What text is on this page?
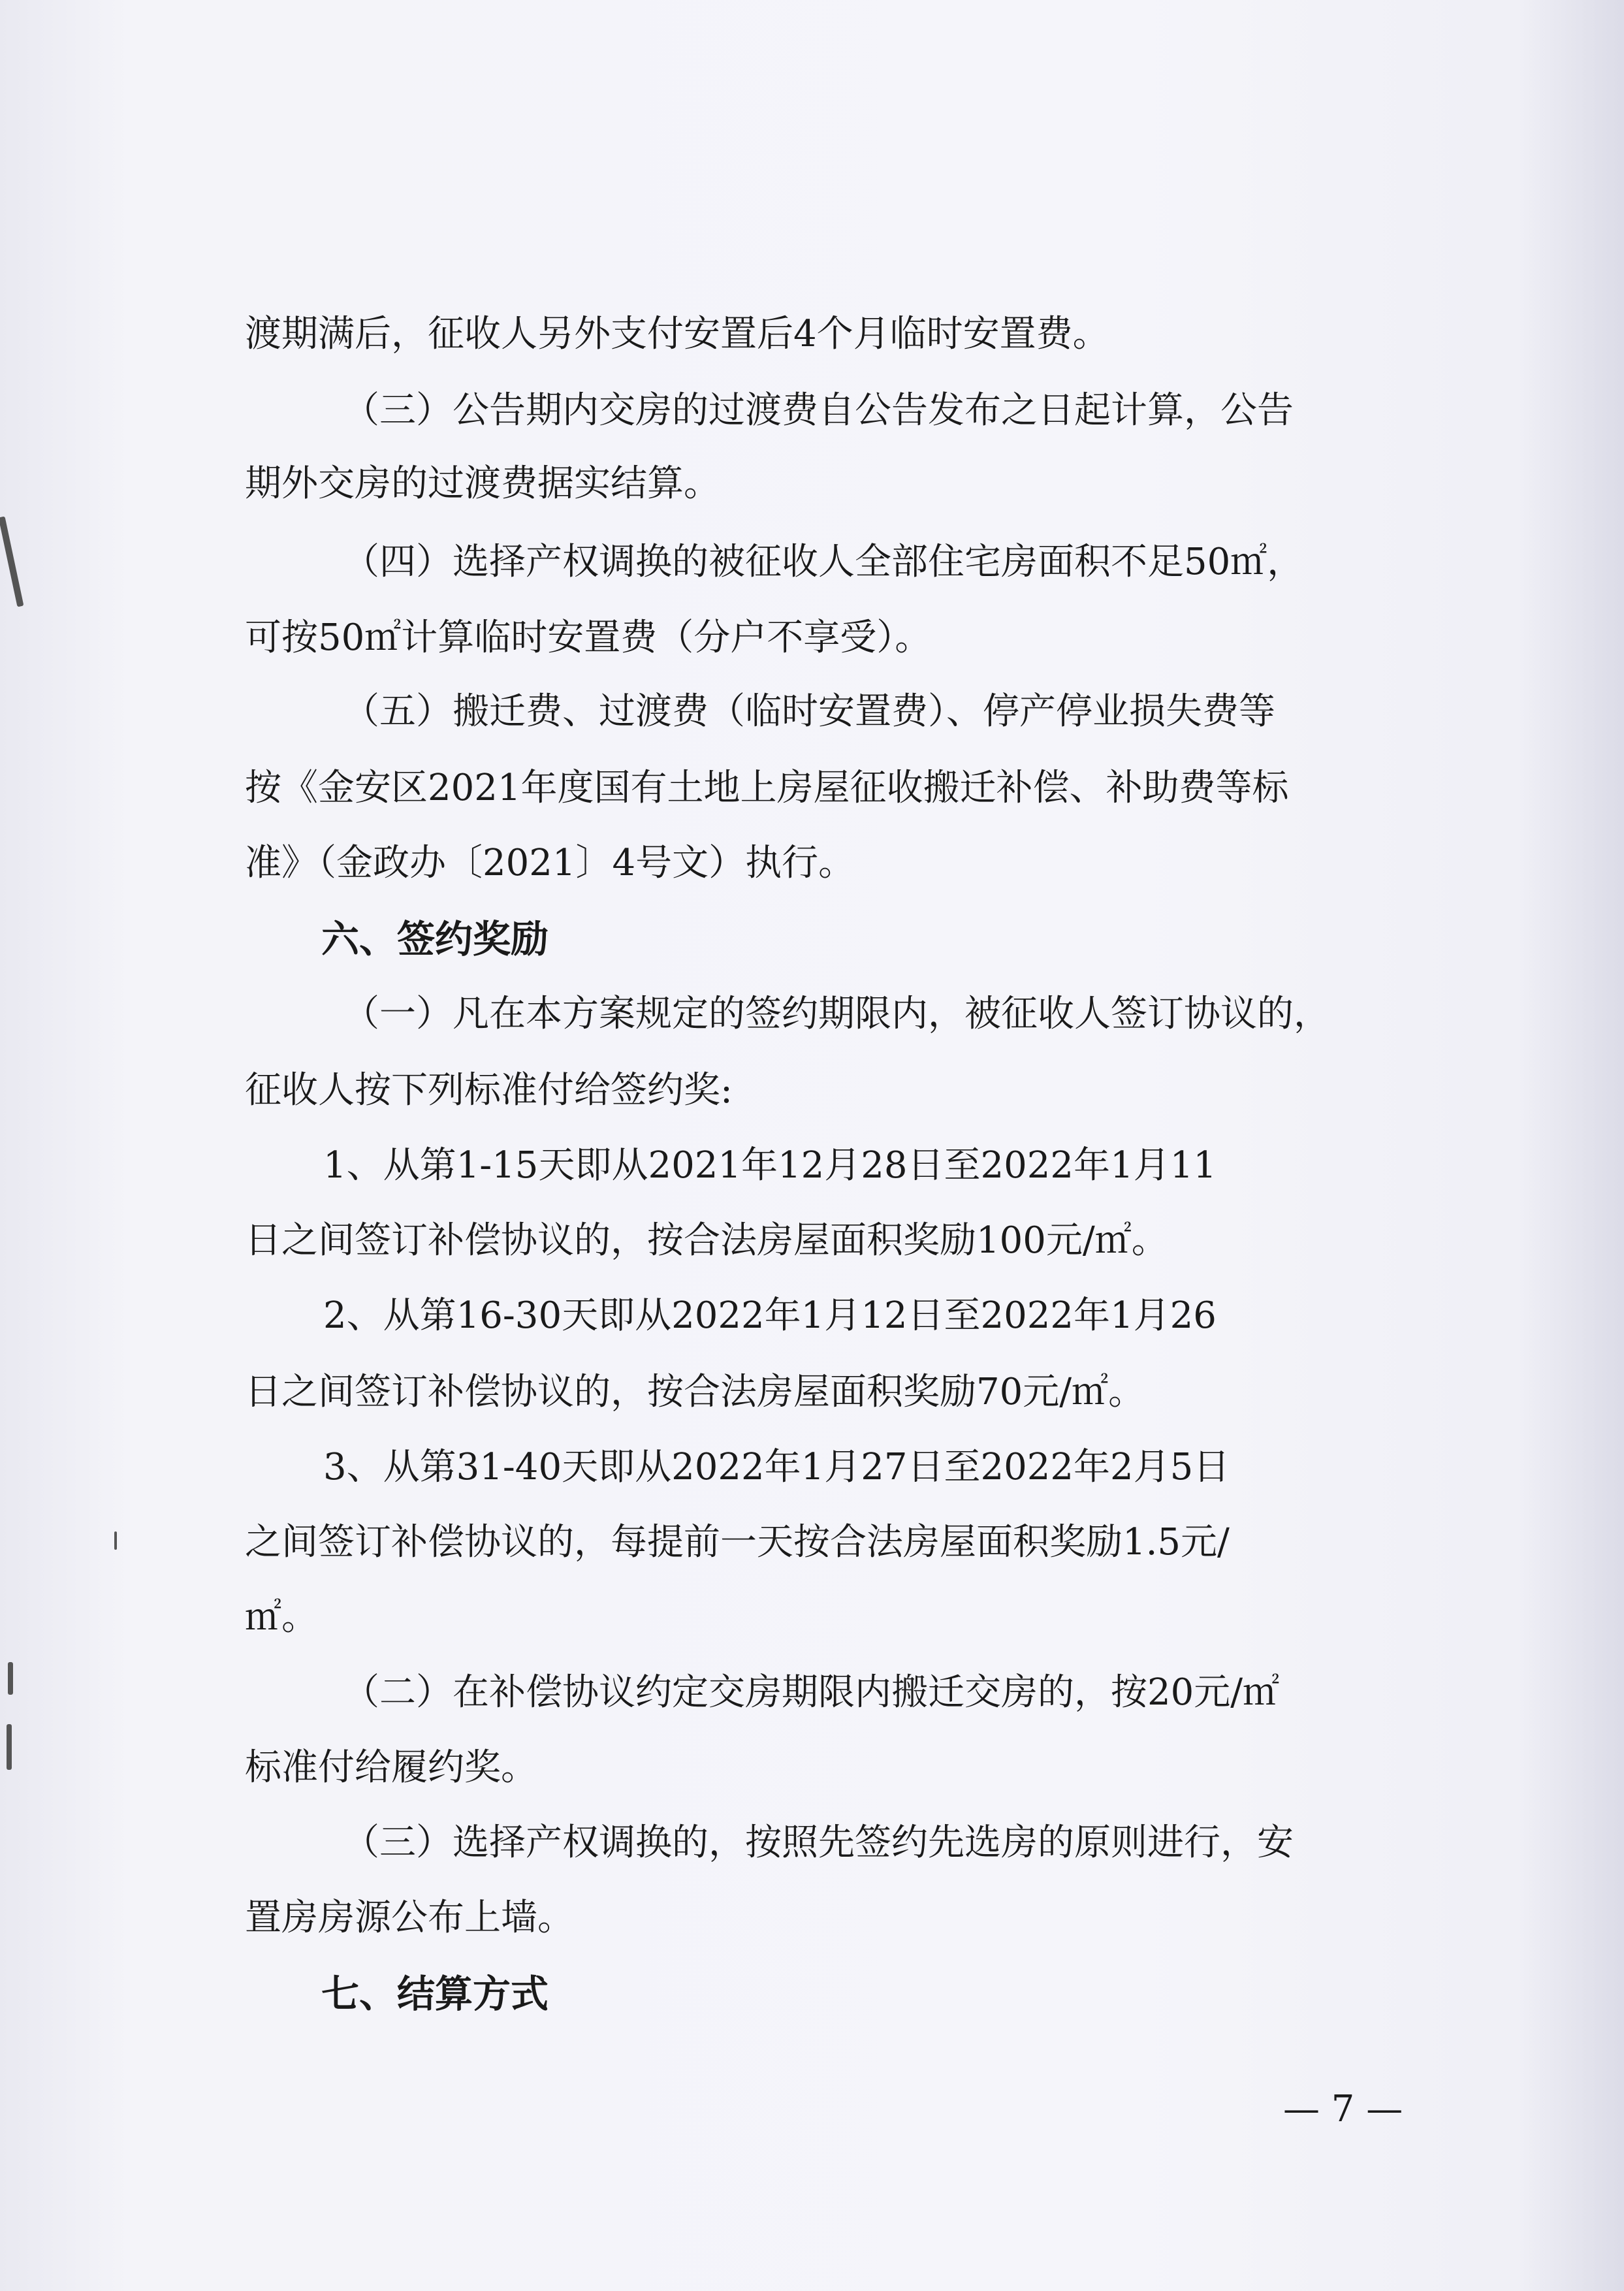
渡期满后，征收人另外支付安置后4个月临时安置费。
（三）公告期内交房的过渡费自公告发布之日起计算，公告
期外交房的过渡费据实结算。
（四）选择产权调换的被征收人全部住宅房面积不足50㎡，
可按50㎡计算临时安置费（分户不享受）。
（五）搬迁费、过渡费（临时安置费）、停产停业损失费等
按《金安区2021年度国有土地上房屋征收搬迁补偿、补助费等标
准》（金政办〔2021〕4号文）执行。
六、签约奖励
（一）凡在本方案规定的签约期限内，被征收人签订协议的，
征收人按下列标准付给签约奖:
1、从第1-15天即从2021年12月28日至2022年1月11
日之间签订补偿协议的，按合法房屋面积奖励100元/㎡。
2、从第16-30天即从2022年1月12日至2022年1月26
日之间签订补偿协议的，按合法房屋面积奖励70元/㎡。
3、从第31-40天即从2022年1月27日至2022年2月5日
之间签订补偿协议的，每提前一天按合法房屋面积奖励1.5元/
㎡。
（二）在补偿协议约定交房期限内搬迁交房的，按20元/㎡
标准付给履约奖。
（三）选择产权调换的，按照先签约先选房的原则进行，安
置房房源公布上墙。
七、结算方式
— 7 —
